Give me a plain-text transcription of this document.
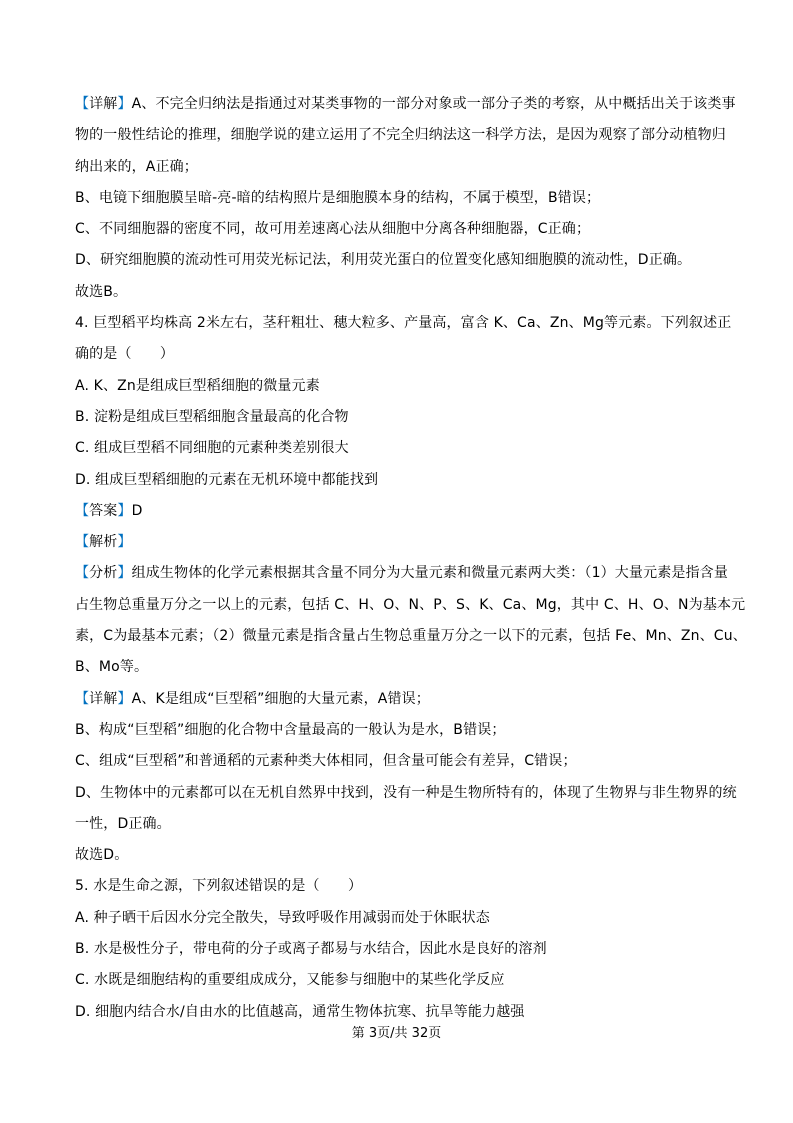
【详解】A、不完全归纳法是指通过对某类事物的一部分对象或一部分子类的考察，从中概括出关于该类事

物的一般性结论的推理，细胞学说的建立运用了不完全归纳法这一科学方法，是因为观察了部分动植物归

纳出来的，A正确；

B、电镜下细胞膜呈暗-亮-暗的结构照片是细胞膜本身的结构，不属于模型，B错误；

C、不同细胞器的密度不同，故可用差速离心法从细胞中分离各种细胞器，C正确；

D、研究细胞膜的流动性可用荧光标记法，利用荧光蛋白的位置变化感知细胞膜的流动性，D正确。

故选B。

4. 巨型稻平均株高 2米左右，茎秆粗壮、穗大粒多、产量高，富含 K、Ca、Zn、Mg等元素。下列叙述正

确的是（　　）

A. K、Zn是组成巨型稻细胞的微量元素

B. 淀粉是组成巨型稻细胞含量最高的化合物

C. 组成巨型稻不同细胞的元素种类差别很大

D. 组成巨型稻细胞的元素在无机环境中都能找到

【答案】D

【解析】

【分析】组成生物体的化学元素根据其含量不同分为大量元素和微量元素两大类：（1）大量元素是指含量

占生物总重量万分之一以上的元素，包括 C、H、O、N、P、S、K、Ca、Mg，其中 C、H、O、N为基本元

素，C为最基本元素；（2）微量元素是指含量占生物总重量万分之一以下的元素，包括 Fe、Mn、Zn、Cu、

B、Mo等。

【详解】A、K是组成“巨型稻”细胞的大量元素，A错误；

B、构成“巨型稻”细胞的化合物中含量最高的一般认为是水，B错误；

C、组成“巨型稻”和普通稻的元素种类大体相同，但含量可能会有差异，C错误；

D、生物体中的元素都可以在无机自然界中找到，没有一种是生物所特有的，体现了生物界与非生物界的统

一性，D正确。

故选D。

5. 水是生命之源，下列叙述错误的是（　　）

A. 种子晒干后因水分完全散失，导致呼吸作用减弱而处于休眠状态

B. 水是极性分子，带电荷的分子或离子都易与水结合，因此水是良好的溶剂

C. 水既是细胞结构的重要组成成分，又能参与细胞中的某些化学反应

D. 细胞内结合水/自由水的比值越高，通常生物体抗寒、抗旱等能力越强

第 3页/共 32页
